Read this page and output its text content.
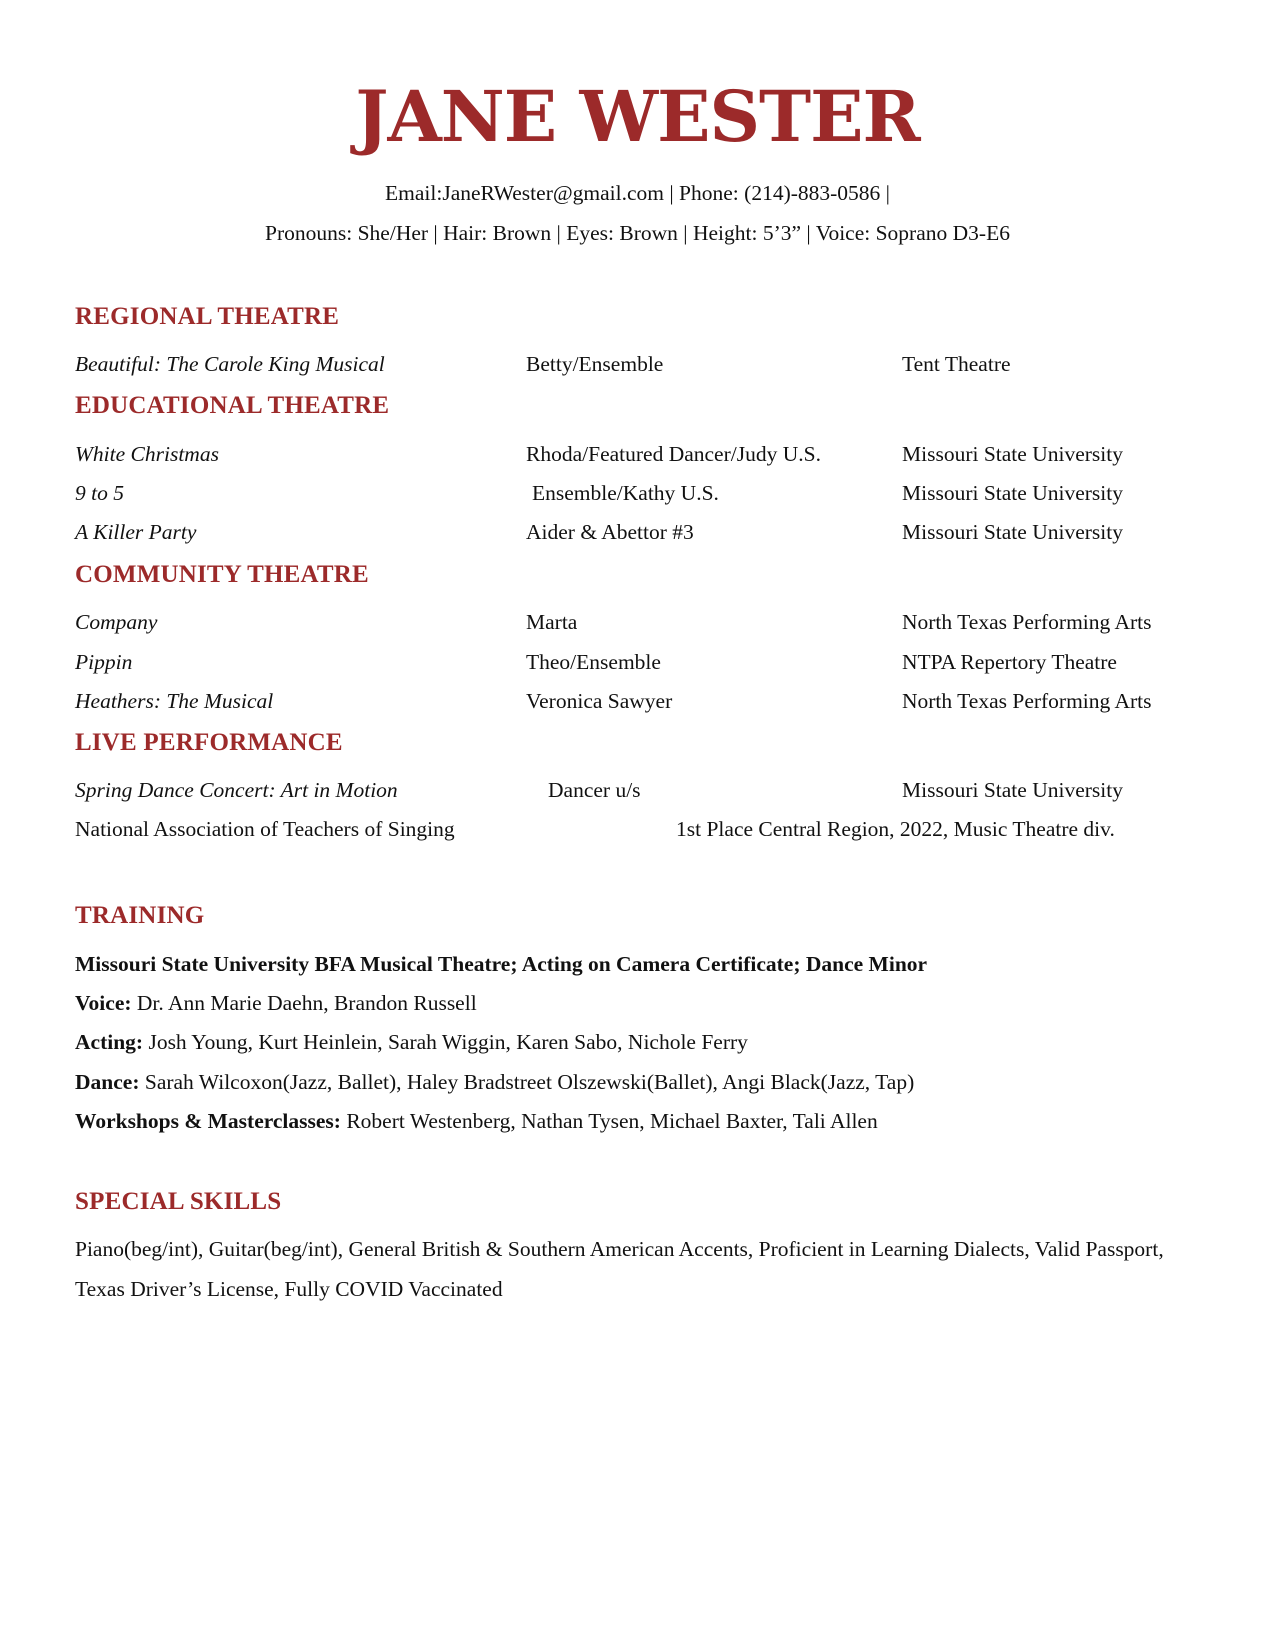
JANE WESTER
Email:JaneRWester@gmail.com | Phone: (214)-883-0586 |
Pronouns: She/Her | Hair: Brown | Eyes: Brown | Height: 5’3” | Voice: Soprano D3-E6
REGIONAL THEATRE
Beautiful: The Carole King Musical	Betty/Ensemble	Tent Theatre
EDUCATIONAL THEATRE
White Christmas	Rhoda/Featured Dancer/Judy U.S.	Missouri State University
9 to 5	Ensemble/Kathy U.S.	Missouri State University
A Killer Party	Aider & Abettor #3	Missouri State University
COMMUNITY THEATRE
Company	Marta	North Texas Performing Arts
Pippin	Theo/Ensemble	NTPA Repertory Theatre
Heathers: The Musical	Veronica Sawyer	North Texas Performing Arts
LIVE PERFORMANCE
Spring Dance Concert: Art in Motion	Dancer u/s	Missouri State University
National Association of Teachers of Singing	1st Place Central Region, 2022, Music Theatre div.
TRAINING
Missouri State University BFA Musical Theatre; Acting on Camera Certificate; Dance Minor
Voice: Dr. Ann Marie Daehn, Brandon Russell
Acting: Josh Young, Kurt Heinlein, Sarah Wiggin, Karen Sabo, Nichole Ferry
Dance: Sarah Wilcoxon(Jazz, Ballet), Haley Bradstreet Olszewski(Ballet), Angi Black(Jazz, Tap)
Workshops & Masterclasses: Robert Westenberg, Nathan Tysen, Michael Baxter, Tali Allen
SPECIAL SKILLS
Piano(beg/int), Guitar(beg/int), General British & Southern American Accents, Proficient in Learning Dialects, Valid Passport, Texas Driver’s License, Fully COVID Vaccinated
